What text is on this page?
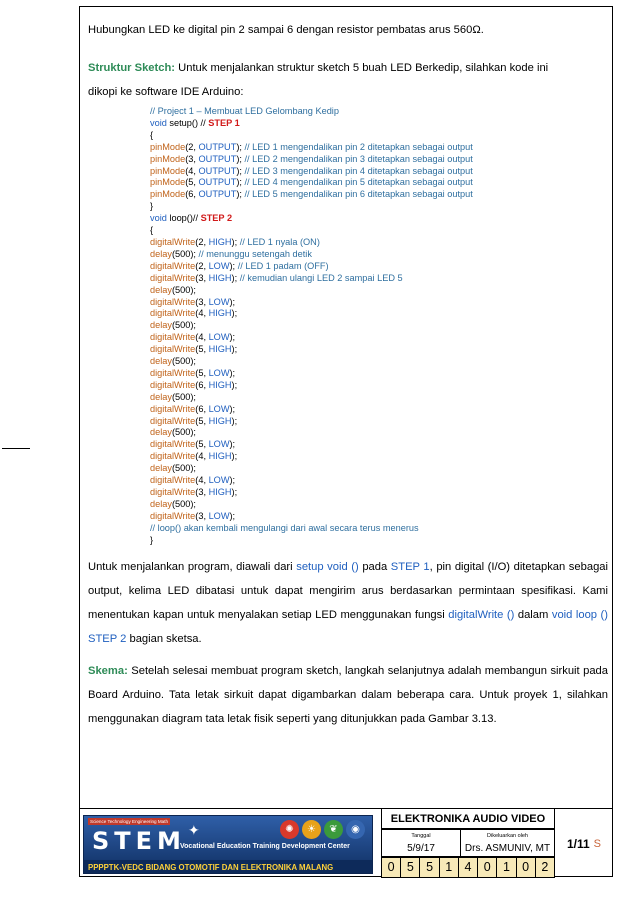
Hubungkan LED ke digital pin 2 sampai 6 dengan resistor pembatas arus 560Ω.
Struktur Sketch: Untuk menjalankan struktur sketch 5 buah LED Berkedip, silahkan kode ini
dikopi ke software IDE Arduino:
// Project 1 – Membuat LED Gelombang Kedip
void setup() // STEP 1
{
pinMode(2, OUTPUT); // LED 1 mengendalikan pin 2 ditetapkan sebagai output
pinMode(3, OUTPUT); // LED 2 mengendalikan pin 3 ditetapkan sebagai output
pinMode(4, OUTPUT); // LED 3 mengendalikan pin 4 ditetapkan sebagai output
pinMode(5, OUTPUT); // LED 4 mengendalikan pin 5 ditetapkan sebagai output
pinMode(6, OUTPUT); // LED 5 mengendalikan pin 6 ditetapkan sebagai output
}
void loop()// STEP 2
{
digitalWrite(2, HIGH); // LED 1 nyala (ON)
delay(500); // menunggu setengah detik
digitalWrite(2, LOW); // LED 1 padam (OFF)
digitalWrite(3, HIGH); // kemudian ulangi LED 2 sampai LED 5
delay(500);
digitalWrite(3, LOW);
digitalWrite(4, HIGH);
delay(500);
digitalWrite(4, LOW);
digitalWrite(5, HIGH);
delay(500);
digitalWrite(5, LOW);
digitalWrite(6, HIGH);
delay(500);
digitalWrite(6, LOW);
digitalWrite(5, HIGH);
delay(500);
digitalWrite(5, LOW);
digitalWrite(4, HIGH);
delay(500);
digitalWrite(4, LOW);
digitalWrite(3, HIGH);
delay(500);
digitalWrite(3, LOW);
// loop() akan kembali mengulangi dari awal secara terus menerus
}
Untuk menjalankan program, diawali dari setup void () pada STEP 1, pin digital (I/O) ditetapkan sebagai output, kelima LED dibatasi untuk dapat mengirim arus berdasarkan permintaan spesifikasi. Kami menentukan kapan untuk menyalakan setiap LED menggunakan fungsi digitalWrite () dalam void loop () STEP 2 bagian sketsa.
Skema: Setelah selesai membuat program sketch, langkah selanjutnya adalah membangun sirkuit pada Board Arduino. Tata letak sirkuit dapat digambarkan dalam beberapa cara. Untuk proyek 1, silahkan menggunakan diagram tata letak fisik seperti yang ditunjukkan pada Gambar 3.13.
Science Technology Engineering Math
STEM ✦
Vocational Education Training Development Center
✺	☀	❦	◉
PPPPTK-VEDC BIDANG OTOMOTIF DAN ELEKTRONIKA MALANG
ELEKTRONIKA AUDIO VIDEO
Tanggal
5/9/17
Dikeluarkan oleh
Drs. ASMUNIV, MT	1/11 S
0 5 5 1 4 0 1 0 2
